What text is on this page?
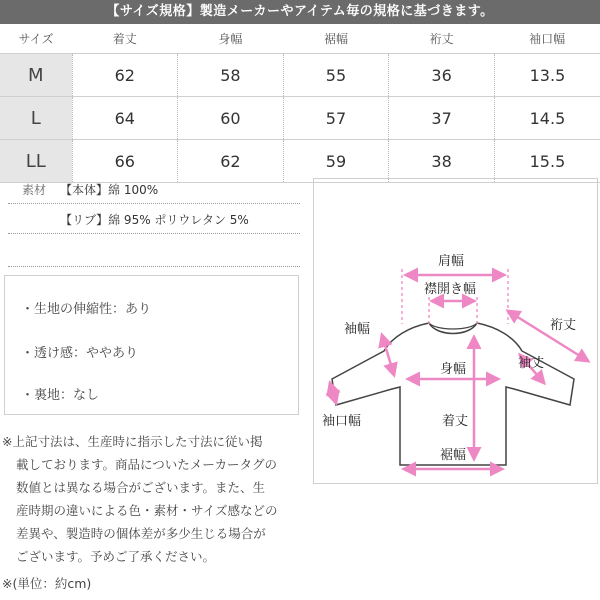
【サイズ規格】製造メーカーやアイテム毎の規格に基づきます。
サイズ	着丈	身幅	裾幅	裄丈	袖口幅
M	62	58	55	36	13.5
L	64	60	57	37	14.5
LL	66	62	59	38	15.5
素材 【本体】綿 100%
【リブ】綿 95% ポリウレタン 5%
・生地の伸縮性：あり
・透け感：ややあり
・裏地：なし
※上記寸法は、生産時に指示した寸法に従い掲

載しております。商品についたメーカータグの
数値とは異なる場合がございます。また、生
産時期の違いによる色・素材・サイズ感などの
差異や、製造時の個体差が多少生じる場合が
ございます。予めご了承ください。
※(単位：約cm)
肩幅
襟開き幅
袖幅	裄丈
袖丈
身幅
袖口幅	着丈
裾幅
